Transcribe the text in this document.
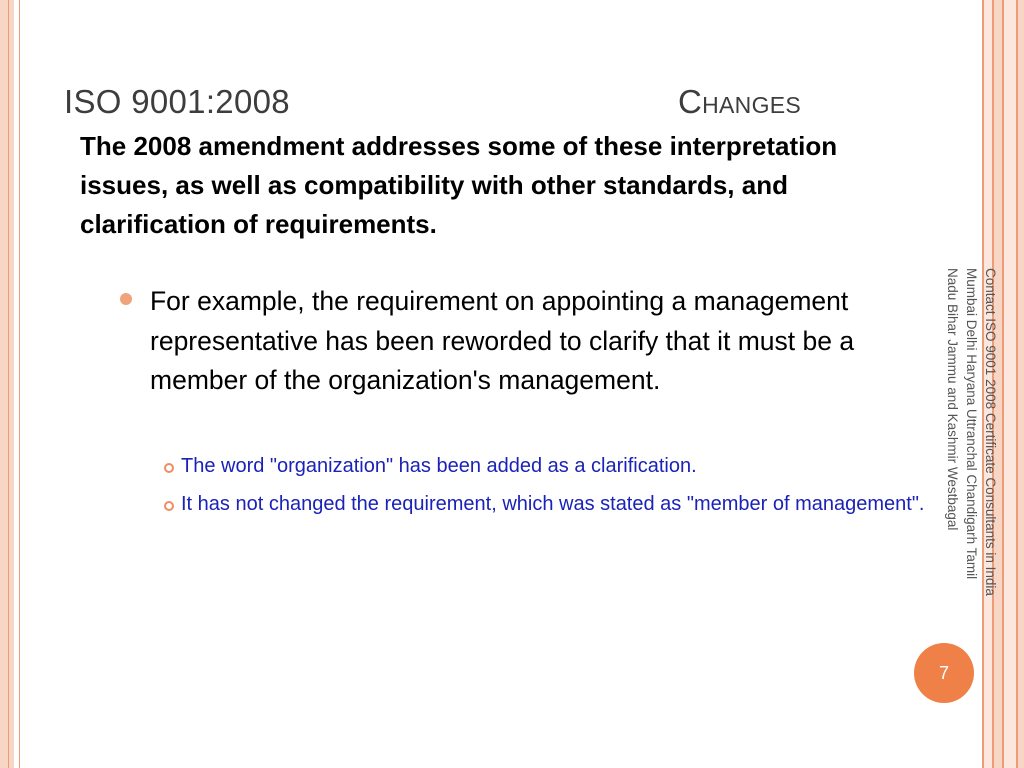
ISO 9001:2008	Changes
The 2008 amendment addresses some of these interpretation issues, as well as compatibility with other standards, and clarification of requirements.
For example, the requirement on appointing a management representative has been reworded to clarify that it must be a member of the organization's management.
The word "organization" has been added as a clarification.
It has not changed the requirement, which was stated as "member of management".	Contact ISO 9001 2008 Certificate Consultants in India Mumbai Delhi Haryana Uttranchal Chandigarh Tamil Nadu Bihar Jammu and Kashmir Westbagal
7
